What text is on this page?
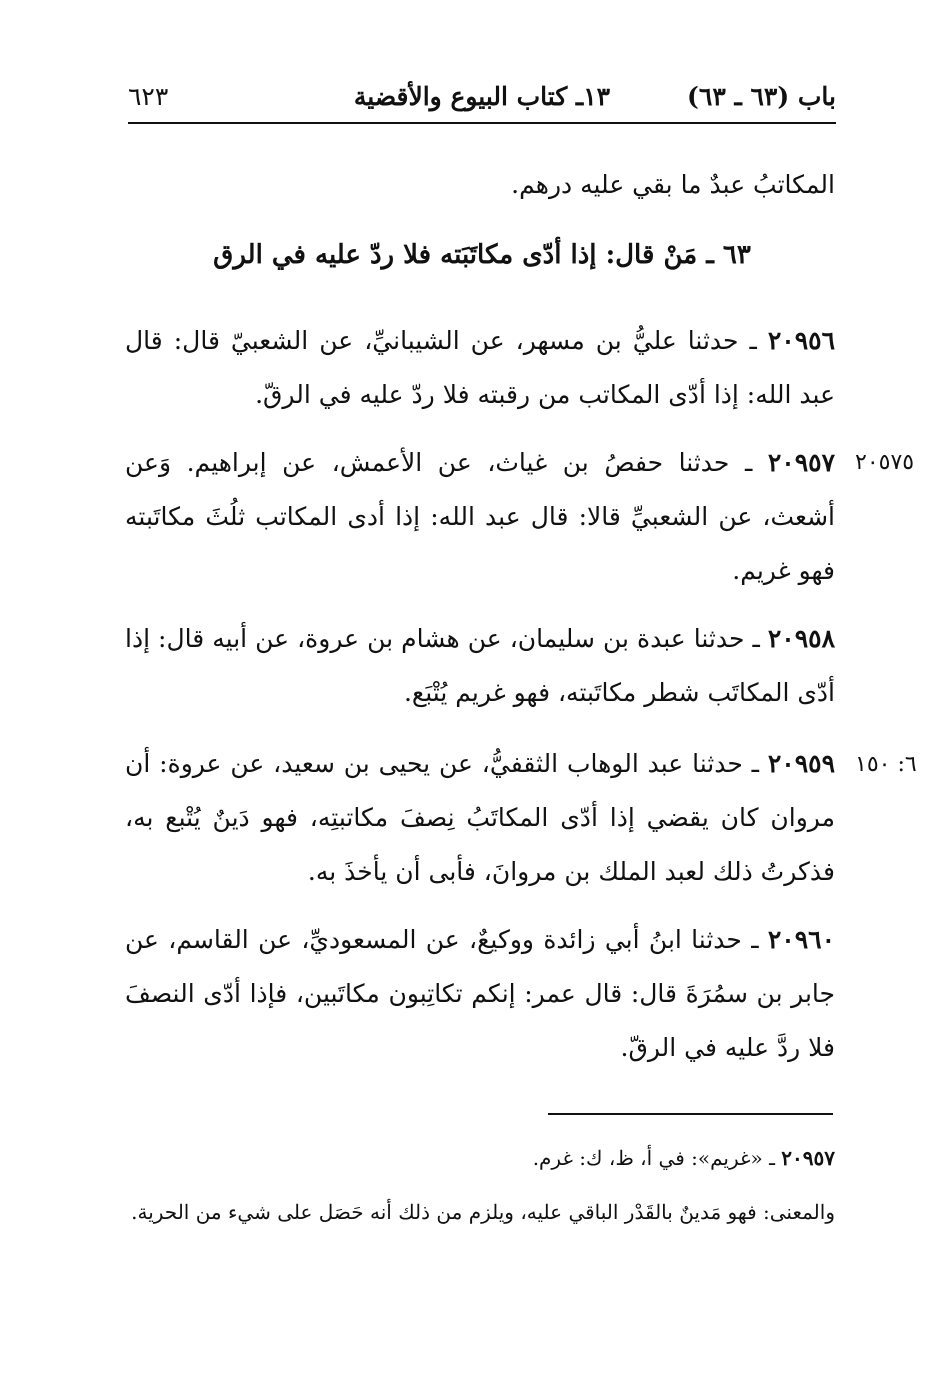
باب (٦٣ ـ ٦٣)
١٣ـ كتاب البيوع والأقضية
٦٢٣
المكاتبُ عبدٌ ما بقي عليه درهم.
٦٣ ـ مَنْ قال: إذا أدّى مكاتَبَته فلا ردّ عليه في الرق
٢٠٩٥٦ ـ حدثنا عليُّ بن مسهر، عن الشيبانيِّ، عن الشعبيّ قال: قال عبد الله: إذا أدّى المكاتب من رقبته فلا ردّ عليه في الرقّ.
٢٠٥٧٥
٢٠٩٥٧ ـ حدثنا حفصُ بن غياث، عن الأعمش، عن إبراهيم. وَعن أشعث، عن الشعبيِّ قالا: قال عبد الله: إذا أدى المكاتب ثلُثَ مكاتَبته فهو غريم.
٢٠٩٥٨ ـ حدثنا عبدة بن سليمان، عن هشام بن عروة، عن أبيه قال: إذا أدّى المكاتَب شطر مكاتَبته، فهو غريم يُتْبَع.
٦: ١٥٠
٢٠٩٥٩ ـ حدثنا عبد الوهاب الثقفيُّ، عن يحيى بن سعيد، عن عروة: أن مروان كان يقضي إذا أدّى المكاتَبُ نِصفَ مكاتبتِه، فهو دَينٌ يُتْبع به، فذكرتُ ذلك لعبد الملك بن مروانَ، فأبى أن يأخذَ به.
٢٠٩٦٠ ـ حدثنا ابنُ أبي زائدة ووكيعٌ، عن المسعوديِّ، عن القاسم، عن جابر بن سمُرَةَ قال: قال عمر: إنكم تكاتِبون مكاتَبين، فإذا أدّى النصفَ فلا ردَّ عليه في الرقّ.
٢٠٩٥٧ ـ «غريم»: في أ، ظ، ك: غرم.
والمعنى: فهو مَدينٌ بالقَدْر الباقي عليه، ويلزم من ذلك أنه حَصَل على شيء من الحرية.
